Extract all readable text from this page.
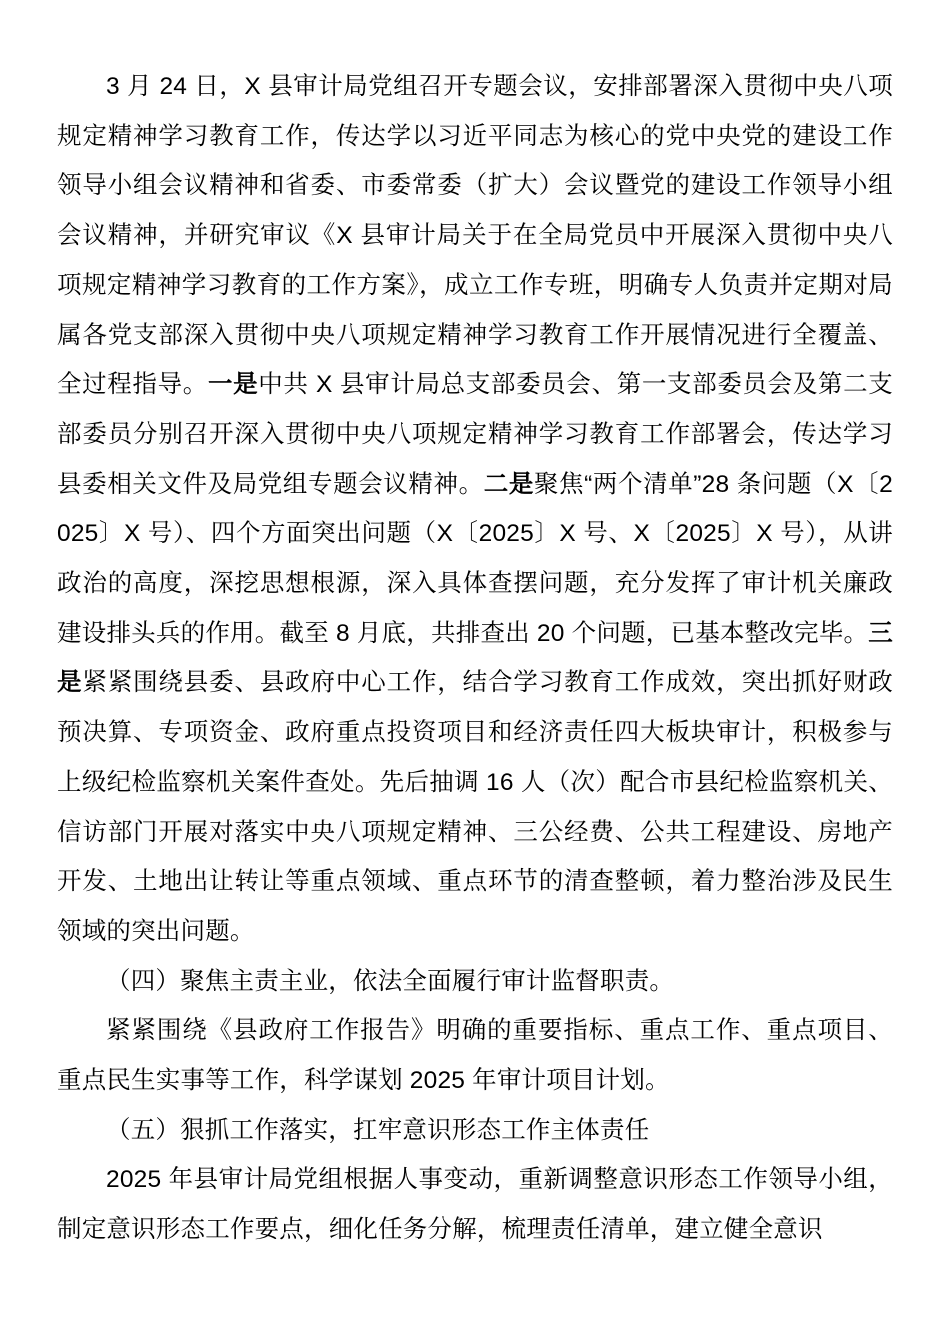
3 月 24 日，X 县审计局党组召开专题会议，安排部署深入贯彻中央八项规定精神学习教育工作，传达学以习近平同志为核心的党中央党的建设工作领导小组会议精神和省委、市委常委（扩大）会议暨党的建设工作领导小组会议精神，并研究审议《X 县审计局关于在全局党员中开展深入贯彻中央八项规定精神学习教育的工作方案》，成立工作专班，明确专人负责并定期对局属各党支部深入贯彻中央八项规定精神学习教育工作开展情况进行全覆盖、全过程指导。一是中共 X 县审计局总支部委员会、第一支部委员会及第二支部委员分别召开深入贯彻中央八项规定精神学习教育工作部署会，传达学习县委相关文件及局党组专题会议精神。二是聚焦“两个清单”28 条问题（X〔2025〕X 号）、四个方面突出问题（X〔2025〕X 号、X〔2025〕X 号），从讲政治的高度，深挖思想根源，深入具体查摆问题，充分发挥了审计机关廉政建设排头兵的作用。截至 8 月底，共排查出 20 个问题，已基本整改完毕。三是紧紧围绕县委、县政府中心工作，结合学习教育工作成效，突出抓好财政预决算、专项资金、政府重点投资项目和经济责任四大板块审计，积极参与上级纪检监察机关案件查处。先后抽调 16 人（次）配合市县纪检监察机关、信访部门开展对落实中央八项规定精神、三公经费、公共工程建设、房地产开发、土地出让转让等重点领域、重点环节的清查整顿，着力整治涉及民生领域的突出问题。

（四）聚焦主责主业，依法全面履行审计监督职责。

紧紧围绕《县政府工作报告》明确的重要指标、重点工作、重点项目、重点民生实事等工作，科学谋划 2025 年审计项目计划。

（五）狠抓工作落实，扛牢意识形态工作主体责任

2025 年县审计局党组根据人事变动，重新调整意识形态工作领导小组，制定意识形态工作要点，细化任务分解，梳理责任清单，建立健全意识
